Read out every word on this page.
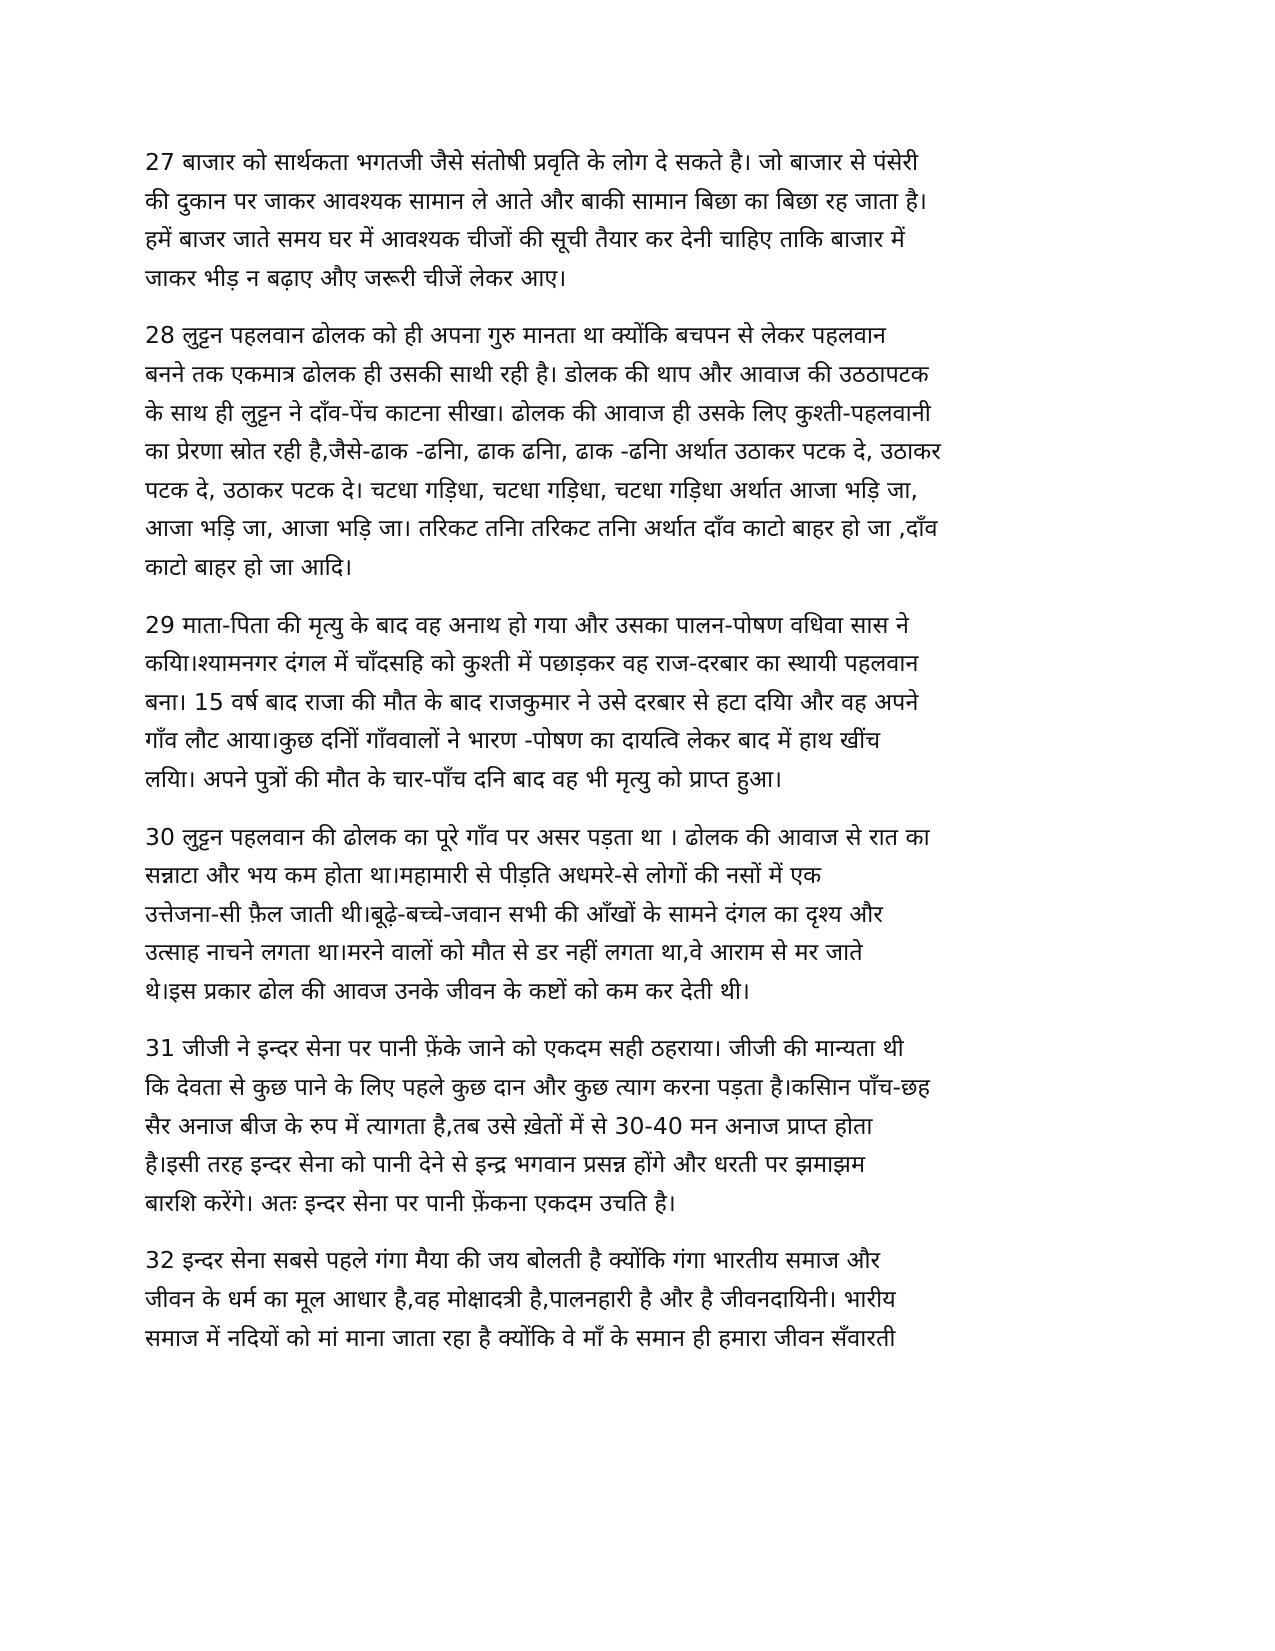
27 बाजार को सार्थकता भगतजी जैसे संतोषी प्रवृति के लोग दे सकते है। जो बाजार से पंसेरी
की दुकान पर जाकर आवश्यक सामान ले आते और बाकी सामान बिछा का बिछा रह जाता है।
हमें बाजर जाते समय घर में आवश्यक चीजों की सूची तैयार कर देनी चाहिए ताकि बाजार में
जाकर भीड़ न बढ़ाए औए जरूरी चीजें लेकर आए।
28 लुट्टन पहलवान ढोलक को ही अपना गुरु मानता था क्योंकि बचपन से लेकर पहलवान
बनने तक एकमात्र ढोलक ही उसकी साथी रही है। डोलक की थाप और आवाज की उठठापटक
के साथ ही लुट्टन ने दाँव-पेंच काटना सीखा। ढोलक की आवाज ही उसके लिए कुश्ती-पहलवानी
का प्रेरणा स्रोत रही है,जैसे-ढाक -ढनिा, ढाक ढनिा, ढाक -ढनिा अर्थात उठाकर पटक दे, उठाकर
पटक दे, उठाकर पटक दे। चटधा गड़िधा, चटधा गड़िधा, चटधा गड़िधा अर्थात आजा भड़ि जा,
आजा भड़ि जा, आजा भड़ि जा। तरिकट तनिा तरिकट तनिा अर्थात दाँव काटो बाहर हो जा ,दाँव
काटो बाहर हो जा आदि।
29 माता-पिता की मृत्यु के बाद वह अनाथ हो गया और उसका पालन-पोषण वधिवा सास ने
कयाि।श्यामनगर दंगल में चाँदसहि को कुश्ती में पछाड़कर वह राज-दरबार का स्थायी पहलवान
बना। 15 वर्ष बाद राजा की मौत के बाद राजकुमार ने उसे दरबार से हटा दयाि और वह अपने
गाँव लौट आया।कुछ दनिों गाँववालों ने भारण -पोषण का दायत्वि लेकर बाद में हाथ खींच
लयाि। अपने पुत्रों की मौत के चार-पाँच दनि बाद वह भी मृत्यु को प्राप्त हुआ।
30 लुट्टन पहलवान की ढोलक का पूरे गाँव पर असर पड़ता था । ढोलक की आवाज से रात का
सन्नाटा और भय कम होता था।महामारी से पीड़ति अधमरे-से लोगों की नसों में एक
उत्तेजना-सी फ़ैल जाती थी।बूढ़े-बच्चे-जवान सभी की आँखों के सामने दंगल का दृश्य और
उत्साह नाचने लगता था।मरने वालों को मौत से डर नहीं लगता था,वे आराम से मर जाते
थे।इस प्रकार ढोल की आवज उनके जीवन के कष्टों को कम कर देती थी।
31 जीजी ने इन्दर सेना पर पानी फ़ेंके जाने को एकदम सही ठहराया। जीजी की मान्यता थी
कि देवता से कुछ पाने के लिए पहले कुछ दान और कुछ त्याग करना पड़ता है।कसािन पाँच-छह
सैर अनाज बीज के रुप में त्यागता है,तब उसे ख़ेतों में से 30-40 मन अनाज प्राप्त होता
है।इसी तरह इन्दर सेना को पानी देने से इन्द्र भगवान प्रसन्न होंगे और धरती पर झमाझम
बारशि करेंगे। अतः इन्दर सेना पर पानी फ़ेंकना एकदम उचति है।
32 इन्दर सेना सबसे पहले गंगा मैया की जय बोलती है क्योंकि गंगा भारतीय समाज और
जीवन के धर्म का मूल आधार है,वह मोक्षादत्री है,पालनहारी है और है जीवनदायिनी। भारीय
समाज में नदियों को मां माना जाता रहा है क्योंकि वे माँ के समान ही हमारा जीवन सँवारती
